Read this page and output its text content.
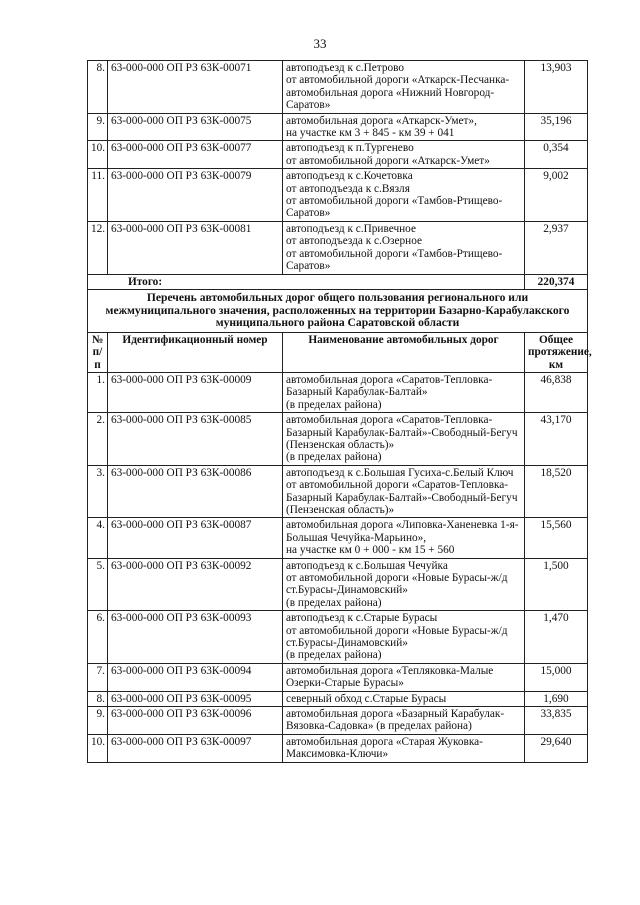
33
8.	63-000-000 ОП РЗ 63К-00071	автоподъезд к с.Петрово
от автомобильной дороги «Аткарск-Песчанка-автомобильная дорога «Нижний Новгород-Саратов»	13,903
9.	63-000-000 ОП РЗ 63К-00075	автомобильная дорога «Аткарск-Умет»,
на участке км 3 + 845 - км 39 + 041	35,196
10.	63-000-000 ОП РЗ 63К-00077	автоподъезд к п.Тургенево
от автомобильной дороги «Аткарск-Умет»	0,354
11.	63-000-000 ОП РЗ 63К-00079	автоподъезд к с.Кочетовка
от автоподъезда к с.Вязля
от автомобильной дороги «Тамбов-Ртищево-Саратов»	9,002
12.	63-000-000 ОП РЗ 63К-00081	автоподъезд к с.Привечное
от автоподъезда к с.Озерное
от автомобильной дороги «Тамбов-Ртищево-Саратов»	2,937
Итого:			220,374
Перечень автомобильных дорог общего пользования регионального или межмуниципального значения, расположенных на территории Базарно-Карабулакского муниципального района Саратовской области			
№ п/п	Идентификационный номер	Наименование автомобильных дорог	Общее протяжение, км
1.	63-000-000 ОП РЗ 63К-00009	автомобильная дорога «Саратов-Тепловка-Базарный Карабулак-Балтай»
(в пределах района)	46,838
2.	63-000-000 ОП РЗ 63К-00085	автомобильная дорога «Саратов-Тепловка-Базарный Карабулак-Балтай»-Свободный-Бегуч (Пензенская область)»
(в пределах района)	43,170
3.	63-000-000 ОП РЗ 63К-00086	автоподъезд к с.Большая Гусиха-с.Белый Ключ от автомобильной дороги «Саратов-Тепловка-Базарный Карабулак-Балтай»-Свободный-Бегуч (Пензенская область)»	18,520
4.	63-000-000 ОП РЗ 63К-00087	автомобильная дорога «Липовка-Ханеневка 1-я-Большая Чечуйка-Марьино»,
на участке км 0 + 000 - км 15 + 560	15,560
5.	63-000-000 ОП РЗ 63К-00092	автоподъезд к с.Большая Чечуйка
от автомобильной дороги «Новые Бурасы-ж/д ст.Бурасы-Динамовский»
(в пределах района)	1,500
6.	63-000-000 ОП РЗ 63К-00093	автоподъезд к с.Старые Бурасы
от автомобильной дороги «Новые Бурасы-ж/д ст.Бурасы-Динамовский»
(в пределах района)	1,470
7.	63-000-000 ОП РЗ 63К-00094	автомобильная дорога «Тепляковка-Малые Озерки-Старые Бурасы»	15,000
8.	63-000-000 ОП РЗ 63К-00095	северный обход с.Старые Бурасы	1,690
9.	63-000-000 ОП РЗ 63К-00096	автомобильная дорога «Базарный Карабулак-Вязовка-Садовка» (в пределах района)	33,835
10.	63-000-000 ОП РЗ 63К-00097	автомобильная дорога «Старая Жуковка-Максимовка-Ключи»	29,640
